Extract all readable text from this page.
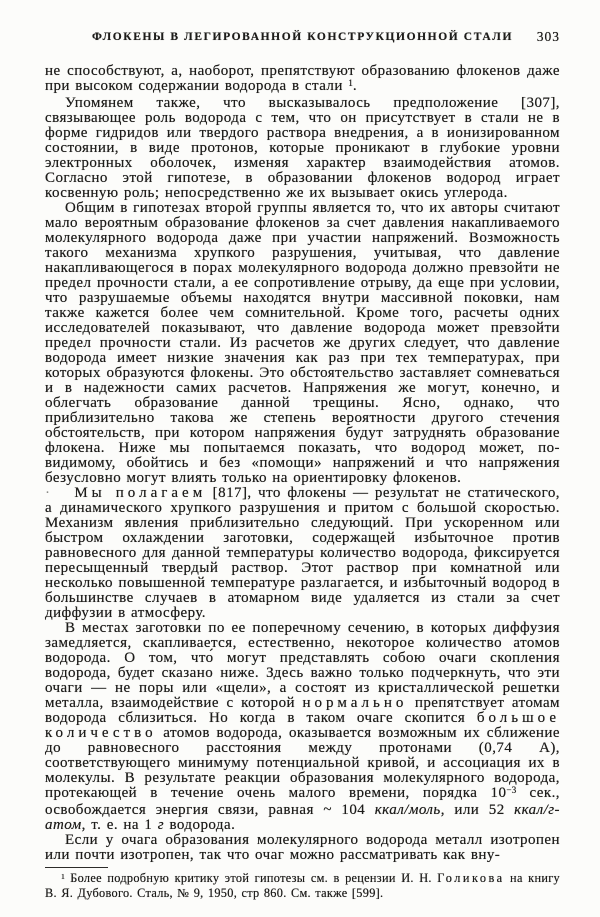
ФЛОКЕНЫ В ЛЕГИРОВАННОЙ КОНСТРУКЦИОННОЙ СТАЛИ	303

не способствуют, а, наоборот, препятствуют образованию флокенов даже при высоком содержании водорода в стали $^1$.

Упомянем также, что высказывалось предположение [307], связывающее роль водорода с тем, что он присутствует в стали не в форме гидридов или твердого раствора внедрения, а в ионизированном состоянии, в виде протонов, которые проникают в глубокие уровни электронных оболочек, изменяя характер взаимодействия атомов. Согласно этой гипотезе, в образовании флокенов водород играет косвенную роль; непосредственно же их вызывает окись углерода.

Общим в гипотезах второй группы является то, что их авторы считают мало вероятным образование флокенов за счет давления накапливаемого молекулярного водорода даже при участии напряжений. Возможность такого механизма хрупкого разрушения, учитывая, что давление накапливающегося в порах молекулярного водорода должно превзойти не предел прочности стали, а ее сопротивление отрыву, да еще при условии, что разрушаемые объемы находятся внутри массивной поковки, нам также кажется более чем сомнительной. Кроме того, расчеты одних исследователей показывают, что давление водорода может превзойти предел прочности стали. Из расчетов же других следует, что давление водорода имеет низкие значения как раз при тех температурах, при которых образуются флокены. Это обстоятельство заставляет сомневаться и в надежности самих расчетов. Напряжения же могут, конечно, и облегчать образование данной трещины. Ясно, однако, что приблизительно такова же степень вероятности другого стечения обстоятельств, при котором напряжения будут затруднять образование флокена. Ниже мы попытаемся показать, что водород может, по-видимому, обойтись и без «помощи» напряжений и что напряжения безусловно могут влиять только на ориентировку флокенов.

·    Мы полагаем [817], что флокены — результат не статического, а динамического хрупкого разрушения и притом с большой скоростью. Механизм явления приблизительно следующий. При ускоренном или быстром охлаждении заготовки, содержащей избыточное против равновесного для данной температуры количество водорода, фиксируется пересыщенный твердый раствор. Этот раствор при комнатной или несколько повышенной температуре разлагается, и избыточный водород в большинстве случаев в атомарном виде удаляется из стали за счет диффузии в атмосферу.

В местах заготовки по ее поперечному сечению, в которых диффузия замедляется, скапливается, естественно, некоторое количество атомов водорода. О том, что́ могут представлять собою очаги скопления водорода, будет сказано ниже. Здесь важно только подчеркнуть, что эти очаги — не поры или «щели», а состоят из кристаллической решетки металла, взаимодействие с которой нормально препятствует атомам водорода сблизиться. Но когда в таком очаге скопится большое количество атомов водорода, оказывается возможным их сближение до равновесного расстояния между протонами (0,74 А), соответствующего минимуму потенциальной кривой, и ассоциация их в молекулы. В результате реакции образования молекулярного водорода, протекающей в течение очень малого времени, порядка $10^{-3}$ сек., освобождается энергия связи, равная ~ 104 ккал/моль, или 52 ккал/г-атом, т. е. на 1 г водорода.

Если у очага образования молекулярного водорода металл изотропен или почти изотропен, так что очаг можно рассматривать как вну-

$^1$ Более подробную критику этой гипотезы см. в рецензии И. Н. Голикова на книгу В. Я. Дубового. Сталь, № 9, 1950, стр 860. См. также [599].
